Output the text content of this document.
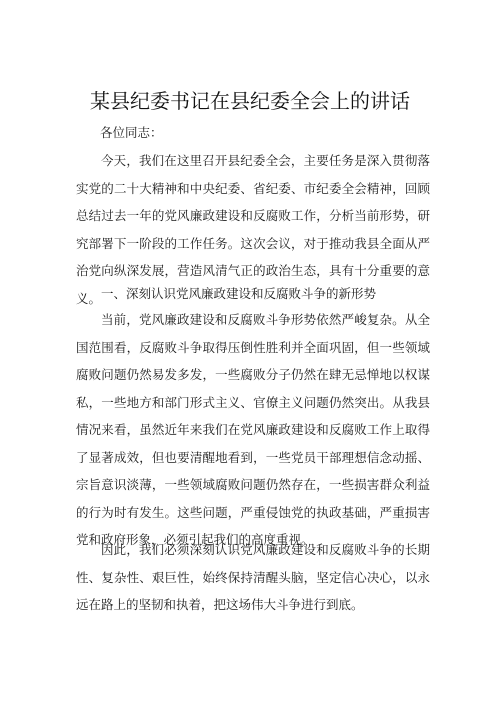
某县纪委书记在县纪委全会上的讲话
各位同志：

今天，我们在这里召开县纪委全会，主要任务是深入贯彻落实党的二十大精神和中央纪委、省纪委、市纪委全会精神，回顾总结过去一年的党风廉政建设和反腐败工作，分析当前形势，研究部署下一阶段的工作任务。这次会议，对于推动我县全面从严治党向纵深发展，营造风清气正的政治生态，具有十分重要的意义。 一、深刻认识党风廉政建设和反腐败斗争的新形势

当前，党风廉政建设和反腐败斗争形势依然严峻复杂。从全国范围看，反腐败斗争取得压倒性胜利并全面巩固，但一些领域腐败问题仍然易发多发，一些腐败分子仍然在肆无忌惮地以权谋私，一些地方和部门形式主义、官僚主义问题仍然突出。从我县情况来看，虽然近年来我们在党风廉政建设和反腐败工作上取得了显著成效，但也要清醒地看到，一些党员干部理想信念动摇、宗旨意识淡薄，一些领域腐败问题仍然存在，一些损害群众利益的行为时有发生。这些问题，严重侵蚀党的执政基础，严重损害党和政府形象，必须引起我们的高度重视。

因此，我们必须深刻认识党风廉政建设和反腐败斗争的长期性、复杂性、艰巨性，始终保持清醒头脑，坚定信心决心，以永远在路上的坚韧和执着，把这场伟大斗争进行到底。
